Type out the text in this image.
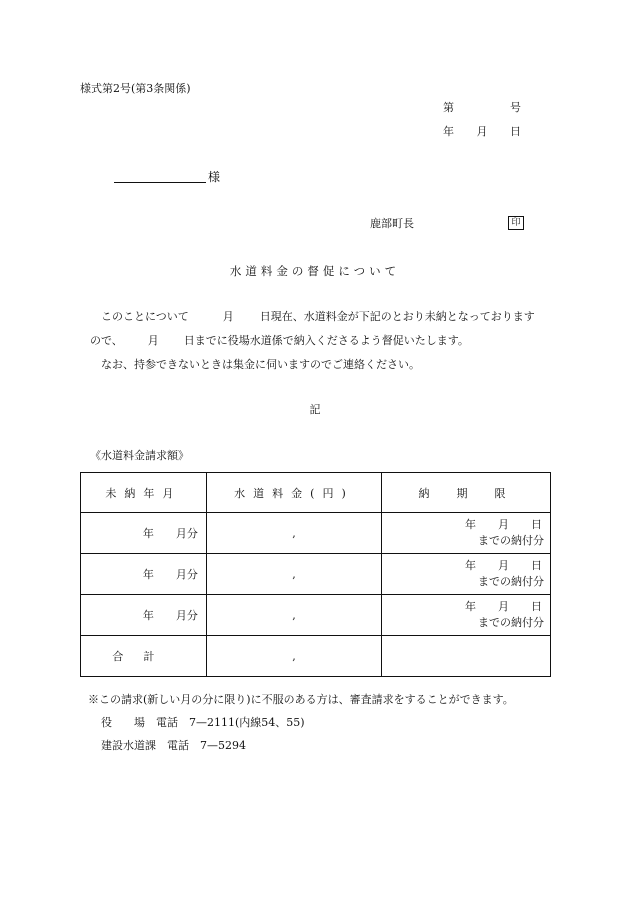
様式第2号(第3条関係)
第	号
年 月 日
様
鹿部町長	印
水道料金の督促について
このことについて	月 日現在、水道料金が下記のとおり未納となっております
ので、 月 日までに役場水道係で納入くださるよう督促いたします。
なお、持参できないときは集金に伺いますのでご連絡ください。
記
《水道料金請求額》
未納年月	水道料金(円)	納　期　限
年 月分	,	年 月 日
までの納付分

年 月分	,	年 月 日
までの納付分

年 月分	,	年 月 日
までの納付分

合計	,	
※この請求(新しい月の分に限り)に不服のある方は、審査請求をすることができます。
役　　場　電話　7—2111(内線54、55)
建設水道課　電話　7—5294
